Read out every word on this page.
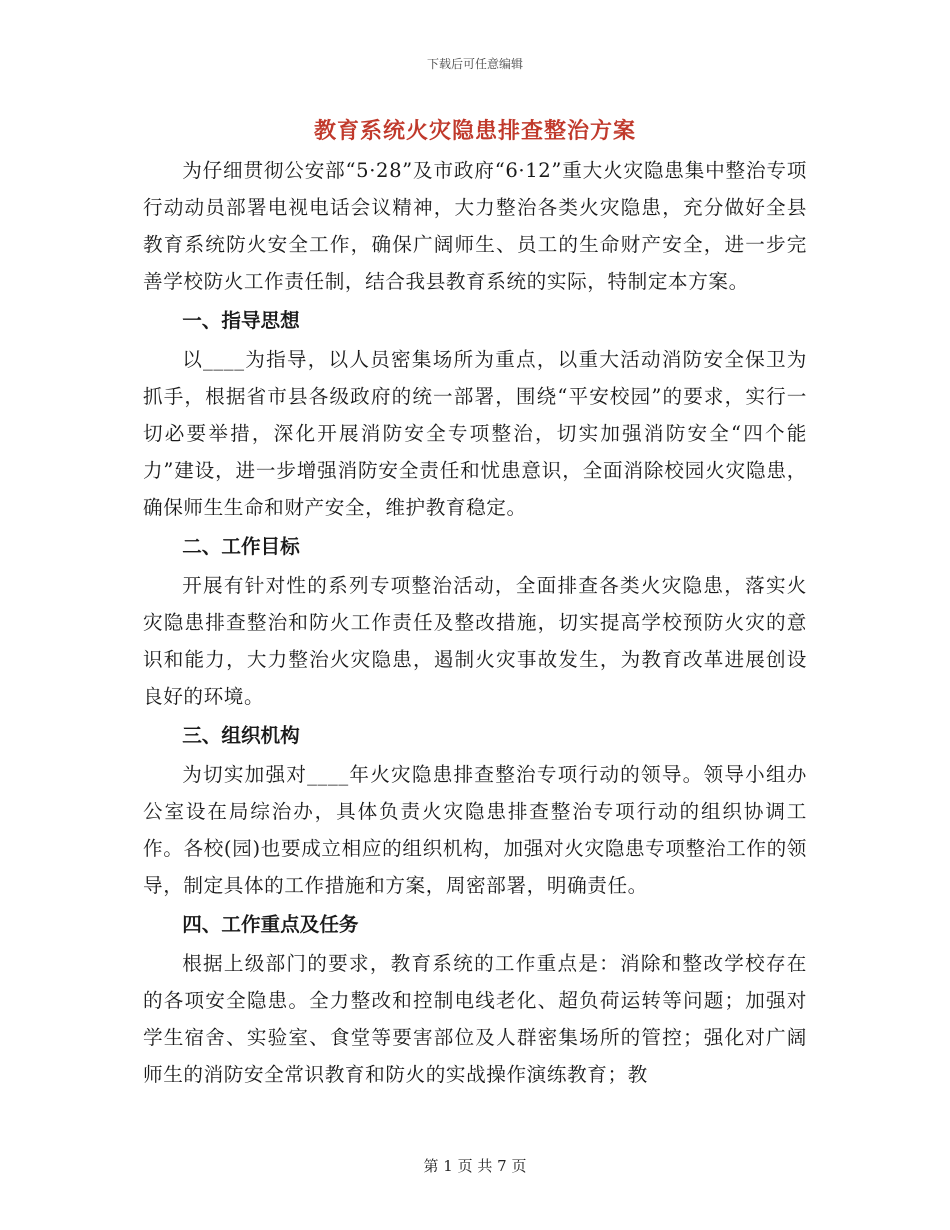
下载后可任意编辑
教育系统火灾隐患排查整治方案

为仔细贯彻公安部“5·28”及市政府“6·12”重大火灾隐患集中整治专项行动动员部署电视电话会议精神，大力整治各类火灾隐患，充分做好全县教育系统防火安全工作，确保广阔师生、员工的生命财产安全，进一步完善学校防火工作责任制，结合我县教育系统的实际，特制定本方案。

一、指导思想

以____为指导，以人员密集场所为重点，以重大活动消防安全保卫为抓手，根据省市县各级政府的统一部署，围绕“平安校园”的要求，实行一切必要举措，深化开展消防安全专项整治，切实加强消防安全“四个能力”建设，进一步增强消防安全责任和忧患意识，全面消除校园火灾隐患，确保师生生命和财产安全，维护教育稳定。

二、工作目标

开展有针对性的系列专项整治活动，全面排查各类火灾隐患，落实火灾隐患排查整治和防火工作责任及整改措施，切实提高学校预防火灾的意识和能力，大力整治火灾隐患，遏制火灾事故发生，为教育改革进展创设良好的环境。

三、组织机构

为切实加强对____年火灾隐患排查整治专项行动的领导。领导小组办公室设在局综治办，具体负责火灾隐患排查整治专项行动的组织协调工作。各校(园)也要成立相应的组织机构，加强对火灾隐患专项整治工作的领导，制定具体的工作措施和方案，周密部署，明确责任。

四、工作重点及任务

根据上级部门的要求，教育系统的工作重点是：消除和整改学校存在的各项安全隐患。全力整改和控制电线老化、超负荷运转等问题；加强对学生宿舍、实验室、食堂等要害部位及人群密集场所的管控；强化对广阔师生的消防安全常识教育和防火的实战操作演练教育；教

第 1 页 共 7 页
